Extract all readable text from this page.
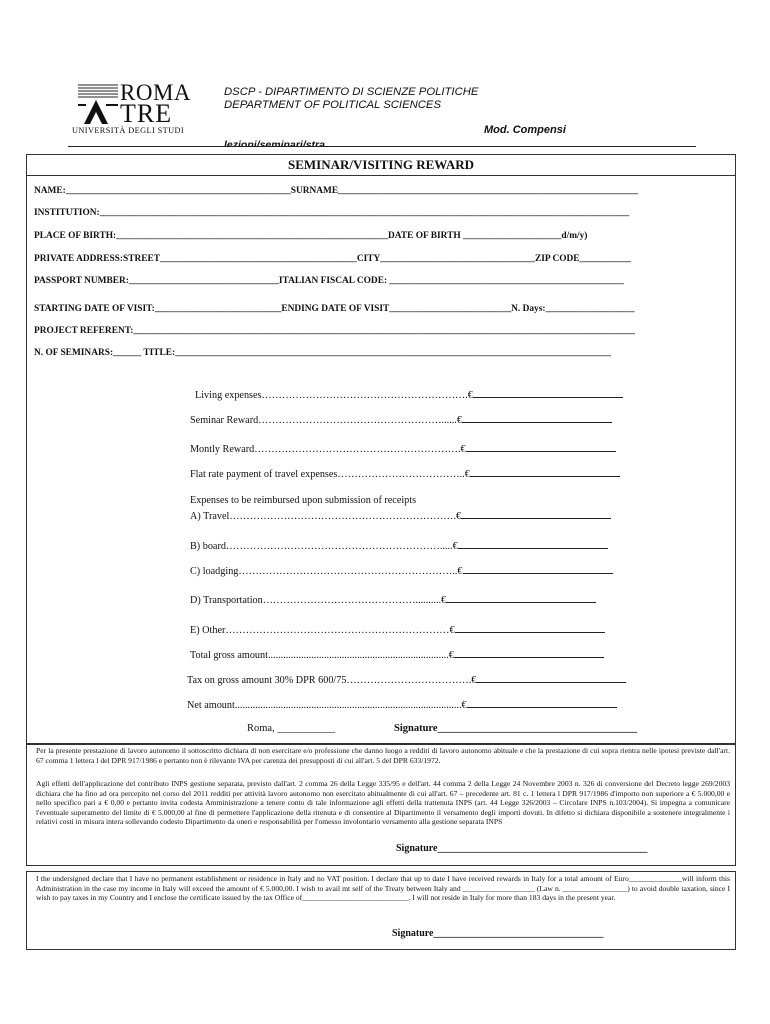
ROMA
TRE
UNIVERSITÀ DEGLI STUDI
DSCP - DIPARTIMENTO DI SCIENZE POLITICHE
DEPARTMENT OF POLITICAL SCIENCES
Mod. Compensi
lezioni/seminari/stra
SEMINAR/VISITING REWARD
NAME:________________________________________________SURNAME________________________________________________________________
INSTITUTION:_________________________________________________________________________________________________________________
PLACE OF BIRTH:__________________________________________________________DATE OF BIRTH _____________________d/m/y)
PRIVATE ADDRESS:STREET__________________________________________CITY_________________________________ZIP CODE___________
PASSPORT NUMBER:________________________________ITALIAN FISCAL CODE: __________________________________________________
STARTING DATE OF VISIT:___________________________ENDING DATE OF VISIT__________________________N. Days:___________________
PROJECT REFERENT:___________________________________________________________________________________________________________
N. OF SEMINARS:______ TITLE:_____________________________________________________________________________________________
Living expenses…………………………………………………….€
Seminar Reward………………………………………………......€
Montly Reward…………………………………………………….€
Flat rate payment of travel expenses………………………………..€
Expenses to be reimbursed upon submission of receipts
A) Travel………………………………………………………….€
B) board……………………………………………………….....€
C) loadging………………………………………………………..€
D) Transportation………………………………………..........€
E) Other…………………………………………………………€
Total gross amount.......................................................................€
Tax on gross amount 30% DPR 600/75……………………………….€
Net amount.........................................................................................€
Roma, ___________	Signature______________________________________
Per la presente prestazione di lavoro autonomo il sottoscritto dichiara di non esercitare e/o professione che danno luogo a redditi di lavoro autonomo abituale e che la prestazione di cui sopra rientra nelle ipotesi previste dall'art. 67 comma 1 lettera l del DPR 917/1986 e pertanto non è rilevante IVA per carenza dei presupposti di cui all'art. 5 del DPR 633/1972.
Agli effetti dell'applicazione del contributo INPS gestione separata, previsto dall'art. 2 comma 26 della Legge 335/95 e dell'art. 44 comma 2 della Legge 24 Novembre 2003 n. 326 di conversione del Decreto legge 269/2003 dichiara che ha fino ad ora percepito nel corso del 2011 redditi per attività lavoro autonomo non esercitato abitualmente di cui all'art. 67 – precedente art. 81 c. 1 lettera l DPR 917/1986 d'importo non superiore a € 5.000,00 e nello specifico pari a € 0,00 e pertanto invita codesta Amministrazione a tenere conto di tale informazione agli effetti della trattenuta INPS (art. 44 Legge 326/2003 – Circolare INPS n.103/2004). Si impegna a comunicare l'eventuale superamento del limite di € 5.000,00 al fine di permettere l'applicazione della ritenuta e di consentire al Dipartimento il versamento degli importi dovuti. In difetto si dichiara disponibile a sostenere integralmente i relativi costi in misura intera sollevando codesto Dipartimento da oneri e responsabilità per l'omesso involontario versamento alla gestione separata INPS
Signature__________________________________________
I the undersigned declare that I have no permanent establishment or residence in Italy and no VAT position. I declare that up to date I have received rewards in Italy for a total amount of Euro______________will inform this Administration in the case my income in Italy will exceed the amount of € 5.000,00. I wish to avail mt self of the Treaty between Italy and ___________________ (Law n. _________________) to avoid double taxation, since I wish to pay taxes in my Country and I enclose the certificate issued by the tax Office of____________________________. I will not reside in Italy for more than 183 days in the present year.
Signature__________________________________
